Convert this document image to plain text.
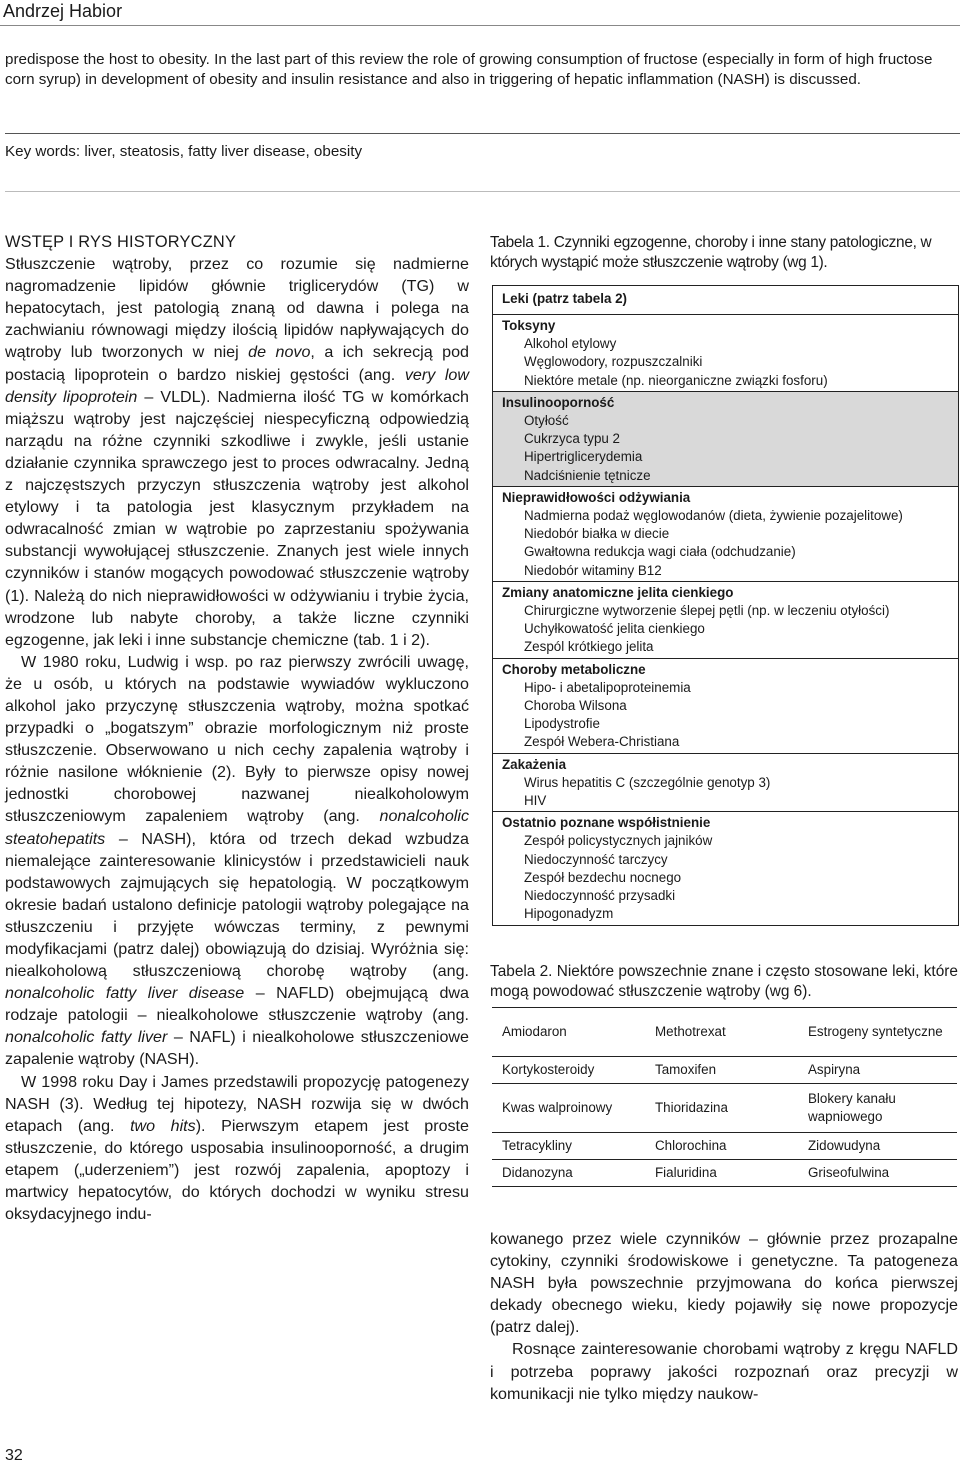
Andrzej Habior
predispose the host to obesity. In the last part of this review the role of growing consumption of fructose (especially in form of high fructose corn syrup) in development of obesity and insulin resistance and also in triggering of hepatic inflammation (NASH) is discussed.
Key words: liver, steatosis, fatty liver disease, obesity

WSTĘP I RYS HISTORYCZNY

Stłuszczenie wątroby, przez co rozumie się nadmierne nagromadzenie lipidów głównie triglicerydów (TG) w hepatocytach, jest patologią znaną od dawna i polega na zachwianiu równowagi między ilością lipidów napływających do wątroby lub tworzonych w niej de novo, a ich sekrecją pod postacią lipoprotein o bardzo niskiej gęstości (ang. very low density lipoprotein – VLDL). Nadmierna ilość TG w komórkach miąższu wątroby jest najczęściej niespecyficzną odpowiedzią narządu na różne czynniki szkodliwe i zwykle, jeśli ustanie działanie czynnika sprawczego jest to proces odwracalny. Jedną z najczęstszych przyczyn stłuszczenia wątroby jest alkohol etylowy i ta patologia jest klasycznym przykładem na odwracalność zmian w wątrobie po zaprzestaniu spożywania substancji wywołującej stłuszczenie. Znanych jest wiele innych czynników i stanów mogących powodować stłuszczenie wątroby (1). Należą do nich nieprawidłowości w odżywianiu i trybie życia, wrodzone lub nabyte choroby, a także liczne czynniki egzogenne, jak leki i inne substancje chemiczne (tab. 1 i 2).

W 1980 roku, Ludwig i wsp. po raz pierwszy zwrócili uwagę, że u osób, u których na podstawie wywiadów wykluczono alkohol jako przyczynę stłuszczenia wątroby, można spotkać przypadki o „bogatszym” obrazie morfologicznym niż proste stłuszczenie. Obserwowano u nich cechy zapalenia wątroby i różnie nasilone włóknienie (2). Były to pierwsze opisy nowej jednostki chorobowej nazwanej niealkoholowym stłuszczeniowym zapaleniem wątroby (ang. nonalcoholic steatohepatits – NASH), która od trzech dekad wzbudza niemalejące zainteresowanie klinicystów i przedstawicieli nauk podstawowych zajmujących się hepatologią. W początkowym okresie badań ustalono definicje patologii wątroby polegające na stłuszczeniu i przyjęte wówczas terminy, z pewnymi modyfikacjami (patrz dalej) obowiązują do dzisiaj. Wyróżnia się: niealkoholową stłuszczeniową chorobę wątroby (ang. nonalcoholic fatty liver disease – NAFLD) obejmującą dwa rodzaje patologii – niealkoholowe stłuszczenie wątroby (ang. nonalcoholic fatty liver – NAFL) i niealkoholowe stłuszczeniowe zapalenie wątroby (NASH).

W 1998 roku Day i James przedstawili propozycję patogenezy NASH (3). Według tej hipotezy, NASH rozwija się w dwóch etapach (ang. two hits). Pierwszym etapem jest proste stłuszczenie, do którego usposabia insulinooporność, a drugim etapem („uderzeniem”) jest rozwój zapalenia, apoptozy i martwicy hepatocytów, do których dochodzi w wyniku stresu oksydacyjnego indu-

Tabela 1. Czynniki egzogenne, choroby i inne stany patologiczne, w których wystąpić może stłuszczenie wątroby (wg 1).

Leki (patrz tabela 2)
Toksyny
Alkohol etylowy
Węglowodory, rozpuszczalniki
Niektóre metale (np. nieorganiczne związki fosforu)
Insulinooporność
Otyłość
Cukrzyca typu 2
Hipertriglicerydemia
Nadciśnienie tętnicze
Nieprawidłowości odżywiania
Nadmierna podaż węglowodanów (dieta, żywienie pozajelitowe)
Niedobór białka w diecie
Gwałtowna redukcja wagi ciała (odchudzanie)
Niedobór witaminy B12
Zmiany anatomiczne jelita cienkiego
Chirurgiczne wytworzenie ślepej pętli (np. w leczeniu otyłości)
Uchyłkowatość jelita cienkiego
Zespól krótkiego jelita
Choroby metaboliczne
Hipo- i abetalipoproteinemia
Choroba Wilsona
Lipodystrofie
Zespół Webera-Christiana
Zakażenia
Wirus hepatitis C (szczególnie genotyp 3)
HIV
Ostatnio poznane współistnienie
Zespół policystycznych jajników
Niedoczynność tarczycy
Zespół bezdechu nocnego
Niedoczynność przysadki
Hipogonadyzm

Tabela 2. Niektóre powszechnie znane i często stosowane leki, które mogą powodować stłuszczenie wątroby (wg 6).

Amiodaron	Methotrexat	Estrogeny syntetyczne
Kortykosteroidy	Tamoxifen	Aspiryna
Kwas walproinowy	Thioridazina	Blokery kanału wapniowego
Tetracykliny	Chlorochina	Zidowudyna
Didanozyna	Fialuridina	Griseofulwina

kowanego przez wiele czynników – głównie przez prozapalne cytokiny, czynniki środowiskowe i genetyczne. Ta patogeneza NASH była powszechnie przyjmowana do końca pierwszej dekady obecnego wieku, kiedy pojawiły się nowe propozycje (patrz dalej).

Rosnące zainteresowanie chorobami wątroby z kręgu NAFLD i potrzeba poprawy jakości rozpoznań oraz precyzji w komunikacji nie tylko między naukow-

32
